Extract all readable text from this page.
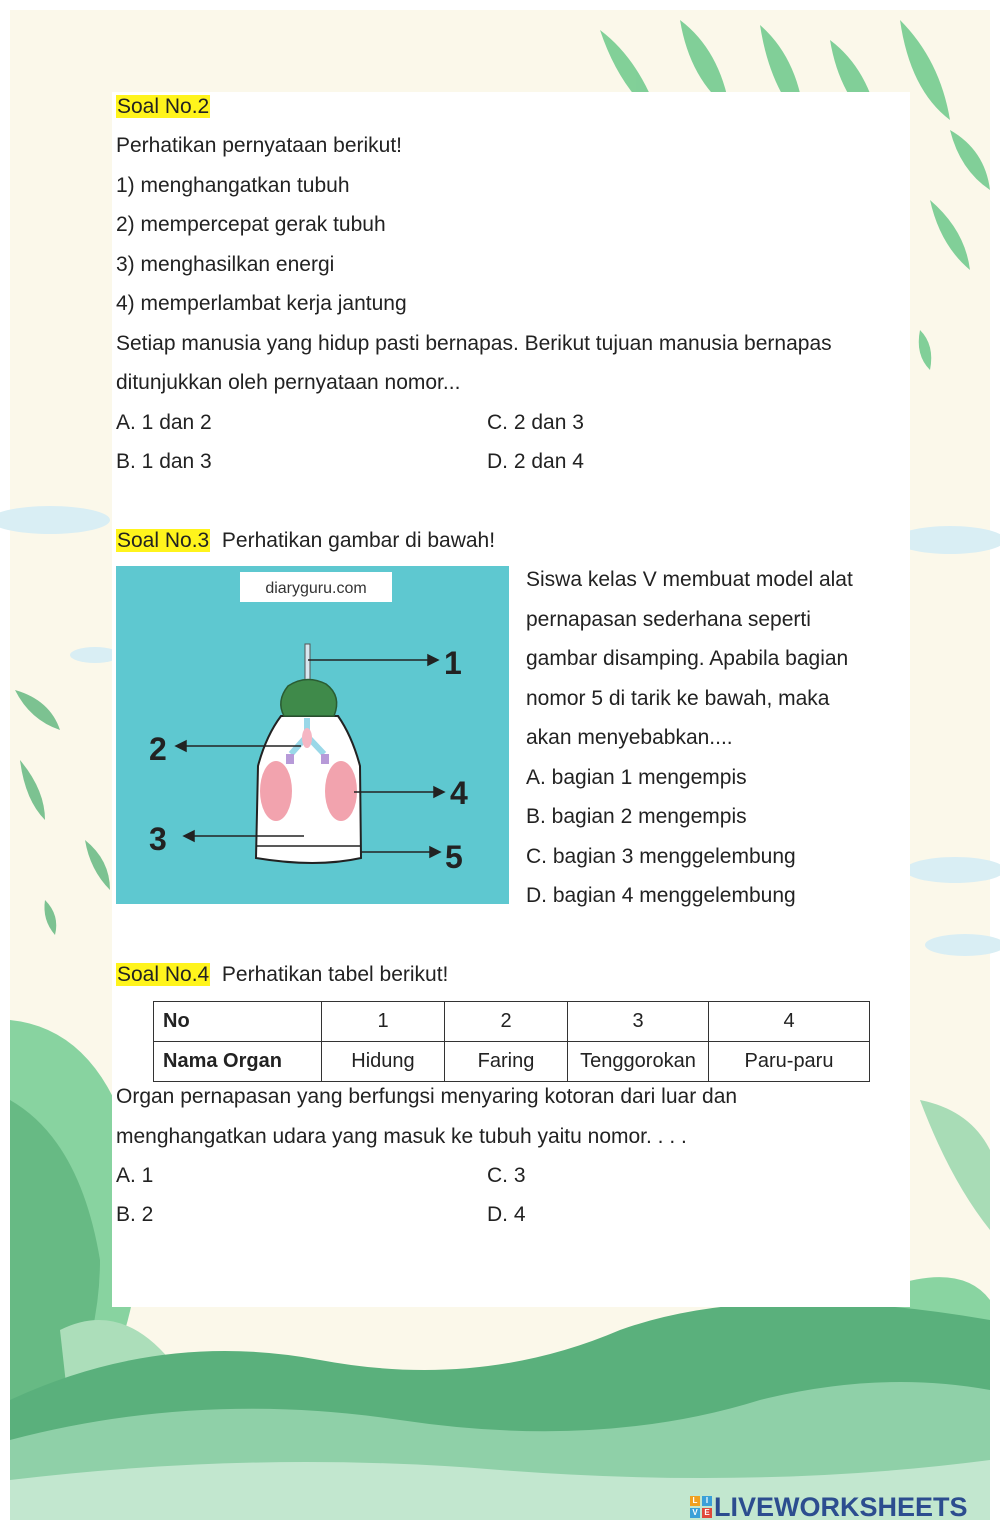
Soal No.2
Perhatikan pernyataan berikut!
1) menghangatkan tubuh
2) mempercepat gerak tubuh
3) menghasilkan energi
4) memperlambat kerja jantung
Setiap manusia yang hidup pasti bernapas. Berikut tujuan manusia bernapas
ditunjukkan oleh pernyataan nomor...
A. 1 dan 2	C. 2 dan 3
B. 1 dan 3	D. 2 dan 4
Soal No.3 Perhatikan gambar di bawah!
diaryguru.com
1
2
3
4
5
Siswa kelas V membuat model alat
pernapasan sederhana seperti
gambar disamping. Apabila bagian
nomor 5 di tarik ke bawah, maka
akan menyebabkan....
A. bagian 1 mengempis
B. bagian 2 mengempis
C. bagian 3 menggelembung
D. bagian 4 menggelembung
Soal No.4 Perhatikan tabel berikut!
No	1	2	3	4
Nama Organ	Hidung	Faring	Tenggorokan	Paru-paru
Organ pernapasan yang berfungsi menyaring kotoran dari luar dan
menghangatkan udara yang masuk ke tubuh yaitu nomor. . . .
A. 1	C. 3
B. 2	D. 4
L	I
V E LIVEWORKSHEETS
